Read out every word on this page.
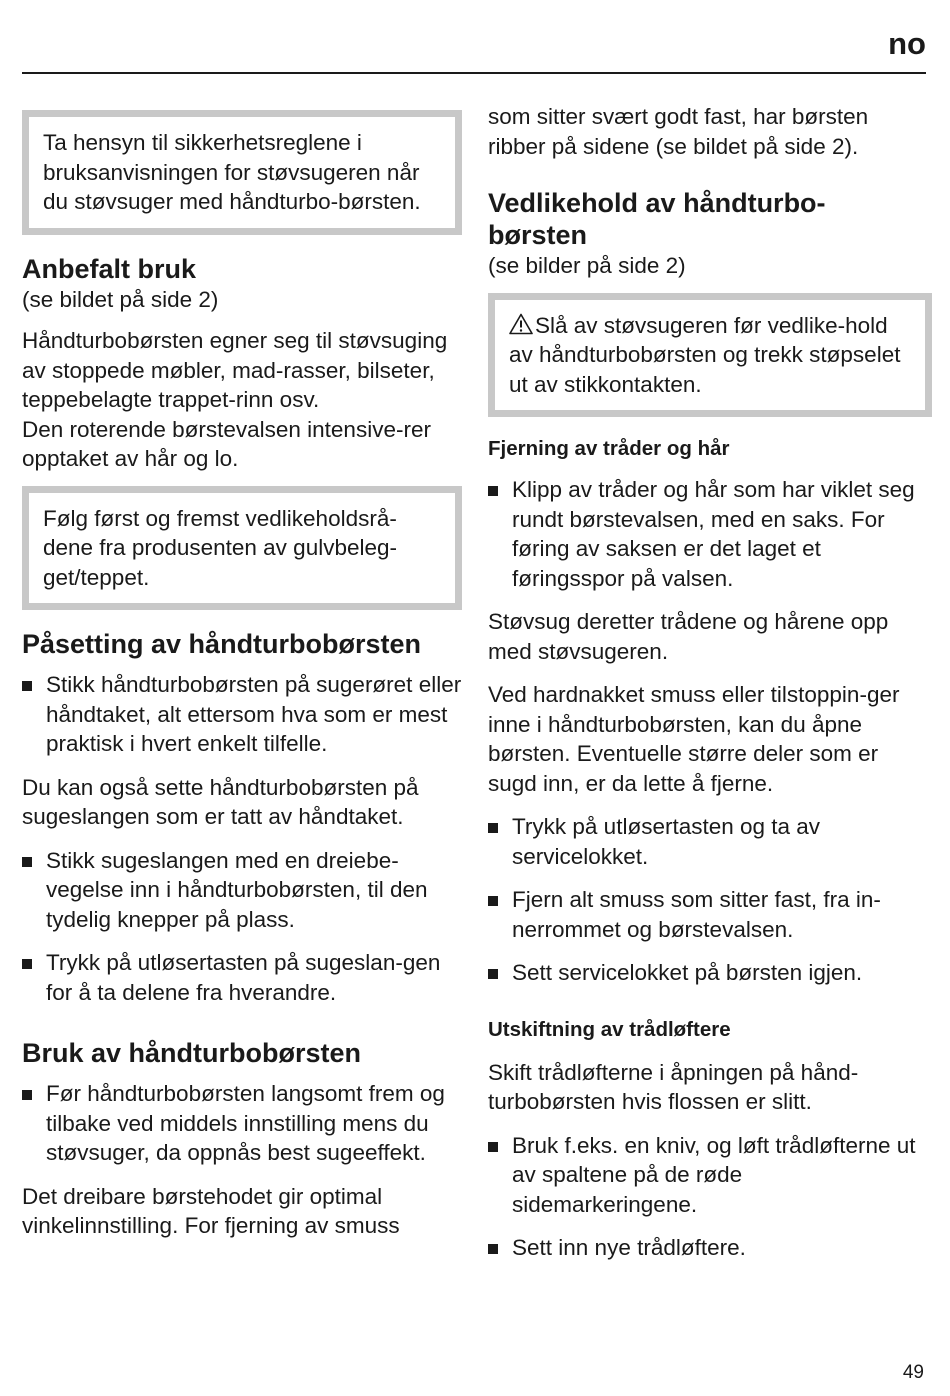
no

Ta hensyn til sikkerhetsreglene i bruksanvisningen for støvsugeren når du støvsuger med håndturbo-børsten.

Anbefalt bruk

(se bildet på side 2)

Håndturbobørsten egner seg til støvsuging av stoppede møbler, mad-rasser, bilseter, teppebelagte trappet-rinn osv.

Den roterende børstevalsen intensive-rer opptaket av hår og lo.

Følg først og fremst vedlikeholdsrå-dene fra produsenten av gulvbeleg-get/teppet.

Påsetting av håndturbobørsten
Stikk håndturbobørsten på sugerøret eller håndtaket, alt ettersom hva som er mest praktisk i hvert enkelt tilfelle.

Du kan også sette håndturbobørsten på sugeslangen som er tatt av håndtaket.

Stikk sugeslangen med en dreiebe-vegelse inn i håndturbobørsten, til den tydelig knepper på plass.
Trykk på utløsertasten på sugeslan-gen for å ta delene fra hverandre.
Bruk av håndturbobørsten
Før håndturbobørsten langsomt frem og tilbake ved middels innstilling mens du støvsuger, da oppnås best sugeeffekt.

Det dreibare børstehodet gir optimal vinkelinnstilling. For fjerning av smuss

som sitter svært godt fast, har børsten ribber på sidene (se bildet på side 2).

Vedlikehold av håndturbo-børsten

(se bilder på side 2)

Slå av støvsugeren før vedlike-hold av håndturbobørsten og trekk støpselet ut av stikkontakten.

Fjerning av tråder og hår
Klipp av tråder og hår som har viklet seg rundt børstevalsen, med en saks. For føring av saksen er det laget et føringsspor på valsen.

Støvsug deretter trådene og hårene opp med støvsugeren.

Ved hardnakket smuss eller tilstoppin-ger inne i håndturbobørsten, kan du åpne børsten. Eventuelle større deler som er sugd inn, er da lette å fjerne.

Trykk på utløsertasten og ta av servicelokket.
Fjern alt smuss som sitter fast, fra in-nerrommet og børstevalsen.
Sett servicelokket på børsten igjen.
Utskiftning av trådløftere

Skift trådløfterne i åpningen på hånd-turbobørsten hvis flossen er slitt.

Bruk f.eks. en kniv, og løft trådløfterne ut av spaltene på de røde sidemarkeringene.
Sett inn nye trådløftere.
49
